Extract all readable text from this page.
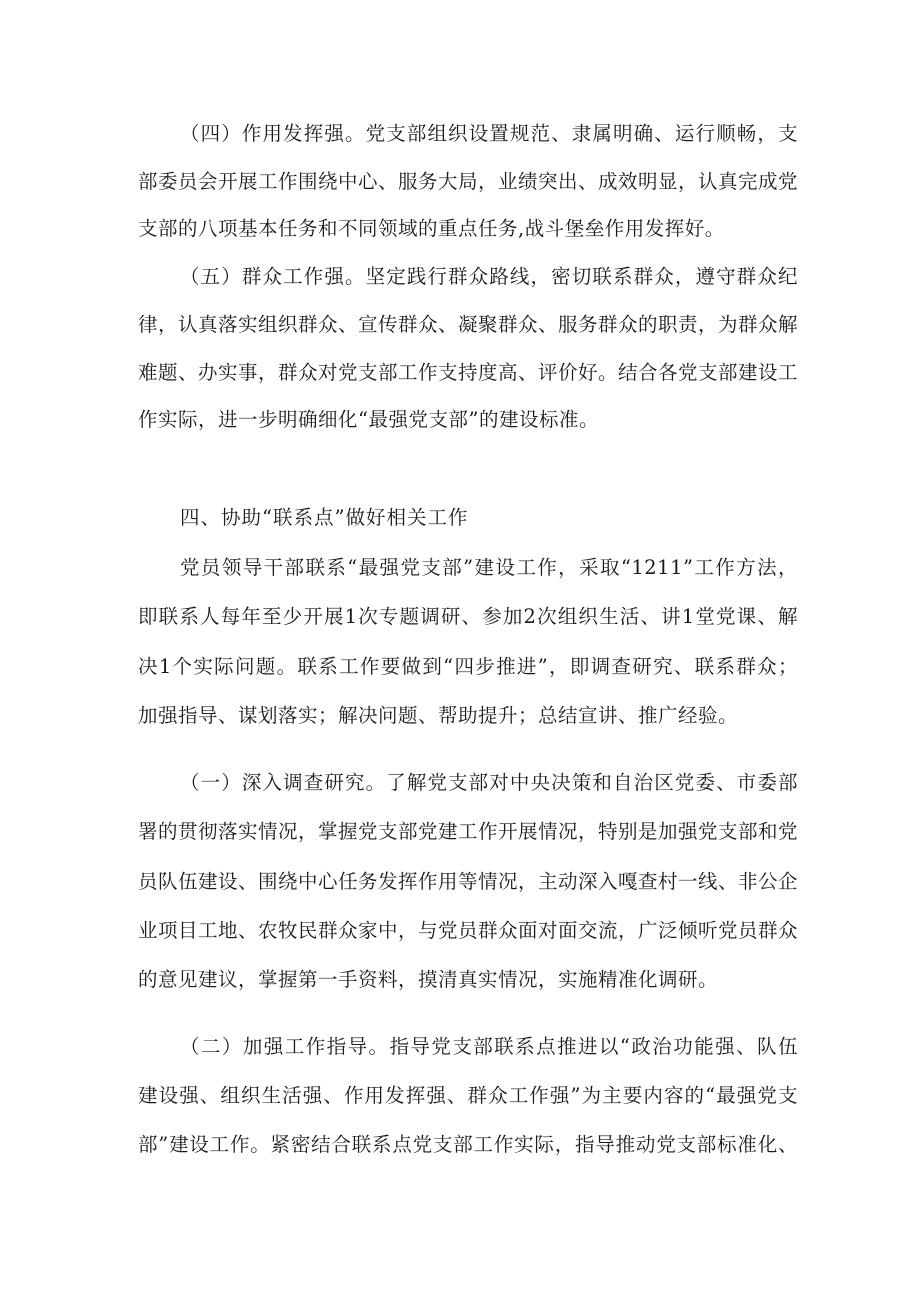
（四）作用发挥强。党支部组织设置规范、隶属明确、运行顺畅，支
部委员会开展工作围绕中心、服务大局，业绩突出、成效明显，认真完成党
支部的八项基本任务和不同领域的重点任务,战斗堡垒作用发挥好。
（五）群众工作强。坚定践行群众路线，密切联系群众，遵守群众纪
律，认真落实组织群众、宣传群众、凝聚群众、服务群众的职责，为群众解
难题、办实事，群众对党支部工作支持度高、评价好。结合各党支部建设工
作实际，进一步明确细化“最强党支部”的建设标准。
四、协助“联系点”做好相关工作
党员领导干部联系“最强党支部”建设工作，采取“1211”工作方法，
即联系人每年至少开展1次专题调研、参加2次组织生活、讲1堂党课、解
决1个实际问题。联系工作要做到“四步推进”，即调查研究、联系群众；
加强指导、谋划落实；解决问题、帮助提升；总结宣讲、推广经验。
（一）深入调查研究。了解党支部对中央决策和自治区党委、市委部
署的贯彻落实情况，掌握党支部党建工作开展情况，特别是加强党支部和党
员队伍建设、围绕中心任务发挥作用等情况，主动深入嘎查村一线、非公企
业项目工地、农牧民群众家中，与党员群众面对面交流，广泛倾听党员群众
的意见建议，掌握第一手资料，摸清真实情况，实施精准化调研。
（二）加强工作指导。指导党支部联系点推进以“政治功能强、队伍
建设强、组织生活强、作用发挥强、群众工作强”为主要内容的“最强党支
部”建设工作。紧密结合联系点党支部工作实际，指导推动党支部标准化、
